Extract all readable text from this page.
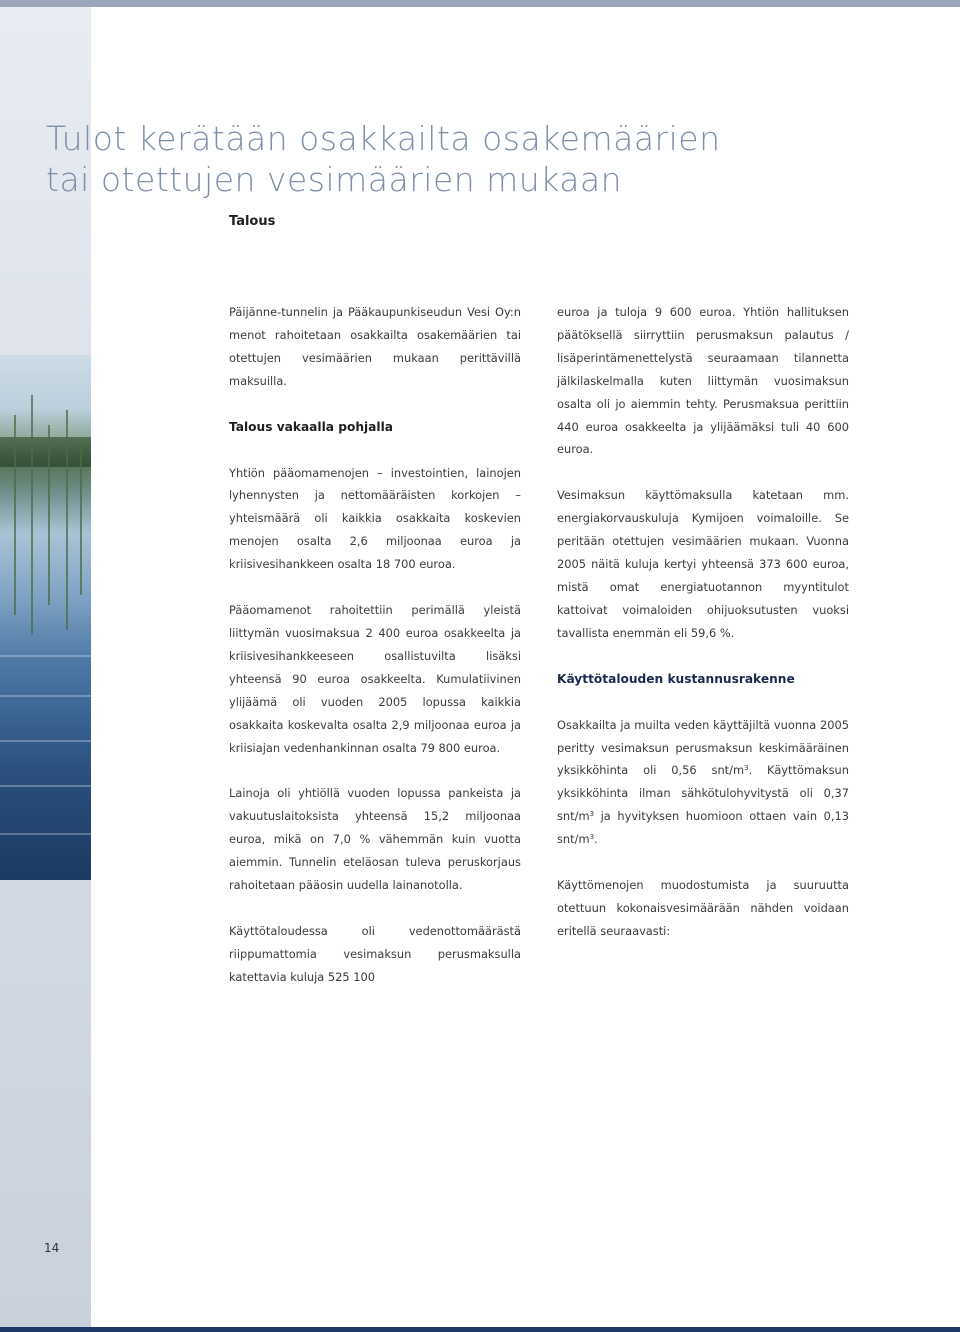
Tulot kerätään osakkailta osakemäärien
tai otettujen vesimäärien mukaan
Talous

Päijänne-tunnelin ja Pääkaupunkiseudun Vesi Oy:n menot rahoitetaan osakkailta osakemäärien tai otettujen vesimäärien mukaan perittävillä maksuilla.

Talous vakaalla pohjalla

Yhtiön pääomamenojen – investointien, lainojen lyhennysten ja nettomääräisten korkojen – yhteismäärä oli kaikkia osakkaita koskevien menojen osalta 2,6 miljoonaa euroa ja kriisivesihankkeen osalta 18 700 euroa.

Pääomamenot rahoitettiin perimällä yleistä liittymän vuosimaksua 2 400 euroa osakkeelta ja kriisivesihankkeeseen osallistuvilta lisäksi yhteensä 90 euroa osakkeelta. Kumulatiivinen ylijäämä oli vuoden 2005 lopussa kaikkia osakkaita koskevalta osalta 2,9 miljoonaa euroa ja kriisiajan vedenhankinnan osalta 79 800 euroa.

Lainoja oli yhtiöllä vuoden lopussa pankeista ja vakuutuslaitoksista yhteensä 15,2 miljoonaa euroa, mikä on 7,0 % vähemmän kuin vuotta aiemmin. Tunnelin eteläosan tuleva peruskorjaus rahoitetaan pääosin uudella lainanotolla.

Käyttötaloudessa oli vedenottomäärästä riippumattomia vesimaksun perusmaksulla katettavia kuluja 525 100

euroa ja tuloja 9 600 euroa. Yhtiön hallituksen päätöksellä siirryttiin perusmaksun palautus / lisäperintämenettelystä seuraamaan tilannetta jälkilaskelmalla kuten liittymän vuosimaksun osalta oli jo aiemmin tehty. Perusmaksua perittiin 440 euroa osakkeelta ja ylijäämäksi tuli 40 600 euroa.

Vesimaksun käyttömaksulla katetaan mm. energiakorvauskuluja Kymijoen voimaloille. Se peritään otettujen vesimäärien mukaan. Vuonna 2005 näitä kuluja kertyi yhteensä 373 600 euroa, mistä omat energiatuotannon myyntitulot kattoivat voimaloiden ohijuoksutusten vuoksi tavallista enemmän eli 59,6 %.

Käyttötalouden kustannusrakenne

Osakkailta ja muilta veden käyttäjiltä vuonna 2005 peritty vesimaksun perusmaksun keskimääräinen yksikköhinta oli 0,56 snt/$m^3$. Käyttömaksun yksikköhinta ilman sähkötulohyvitystä oli 0,37 snt/$m^3$ ja hyvityksen huomioon ottaen vain 0,13 snt/$m^3$.

Käyttömenojen muodostumista ja suuruutta otettuun kokonaisvesimäärään nähden voidaan eritellä seuraavasti:

14
